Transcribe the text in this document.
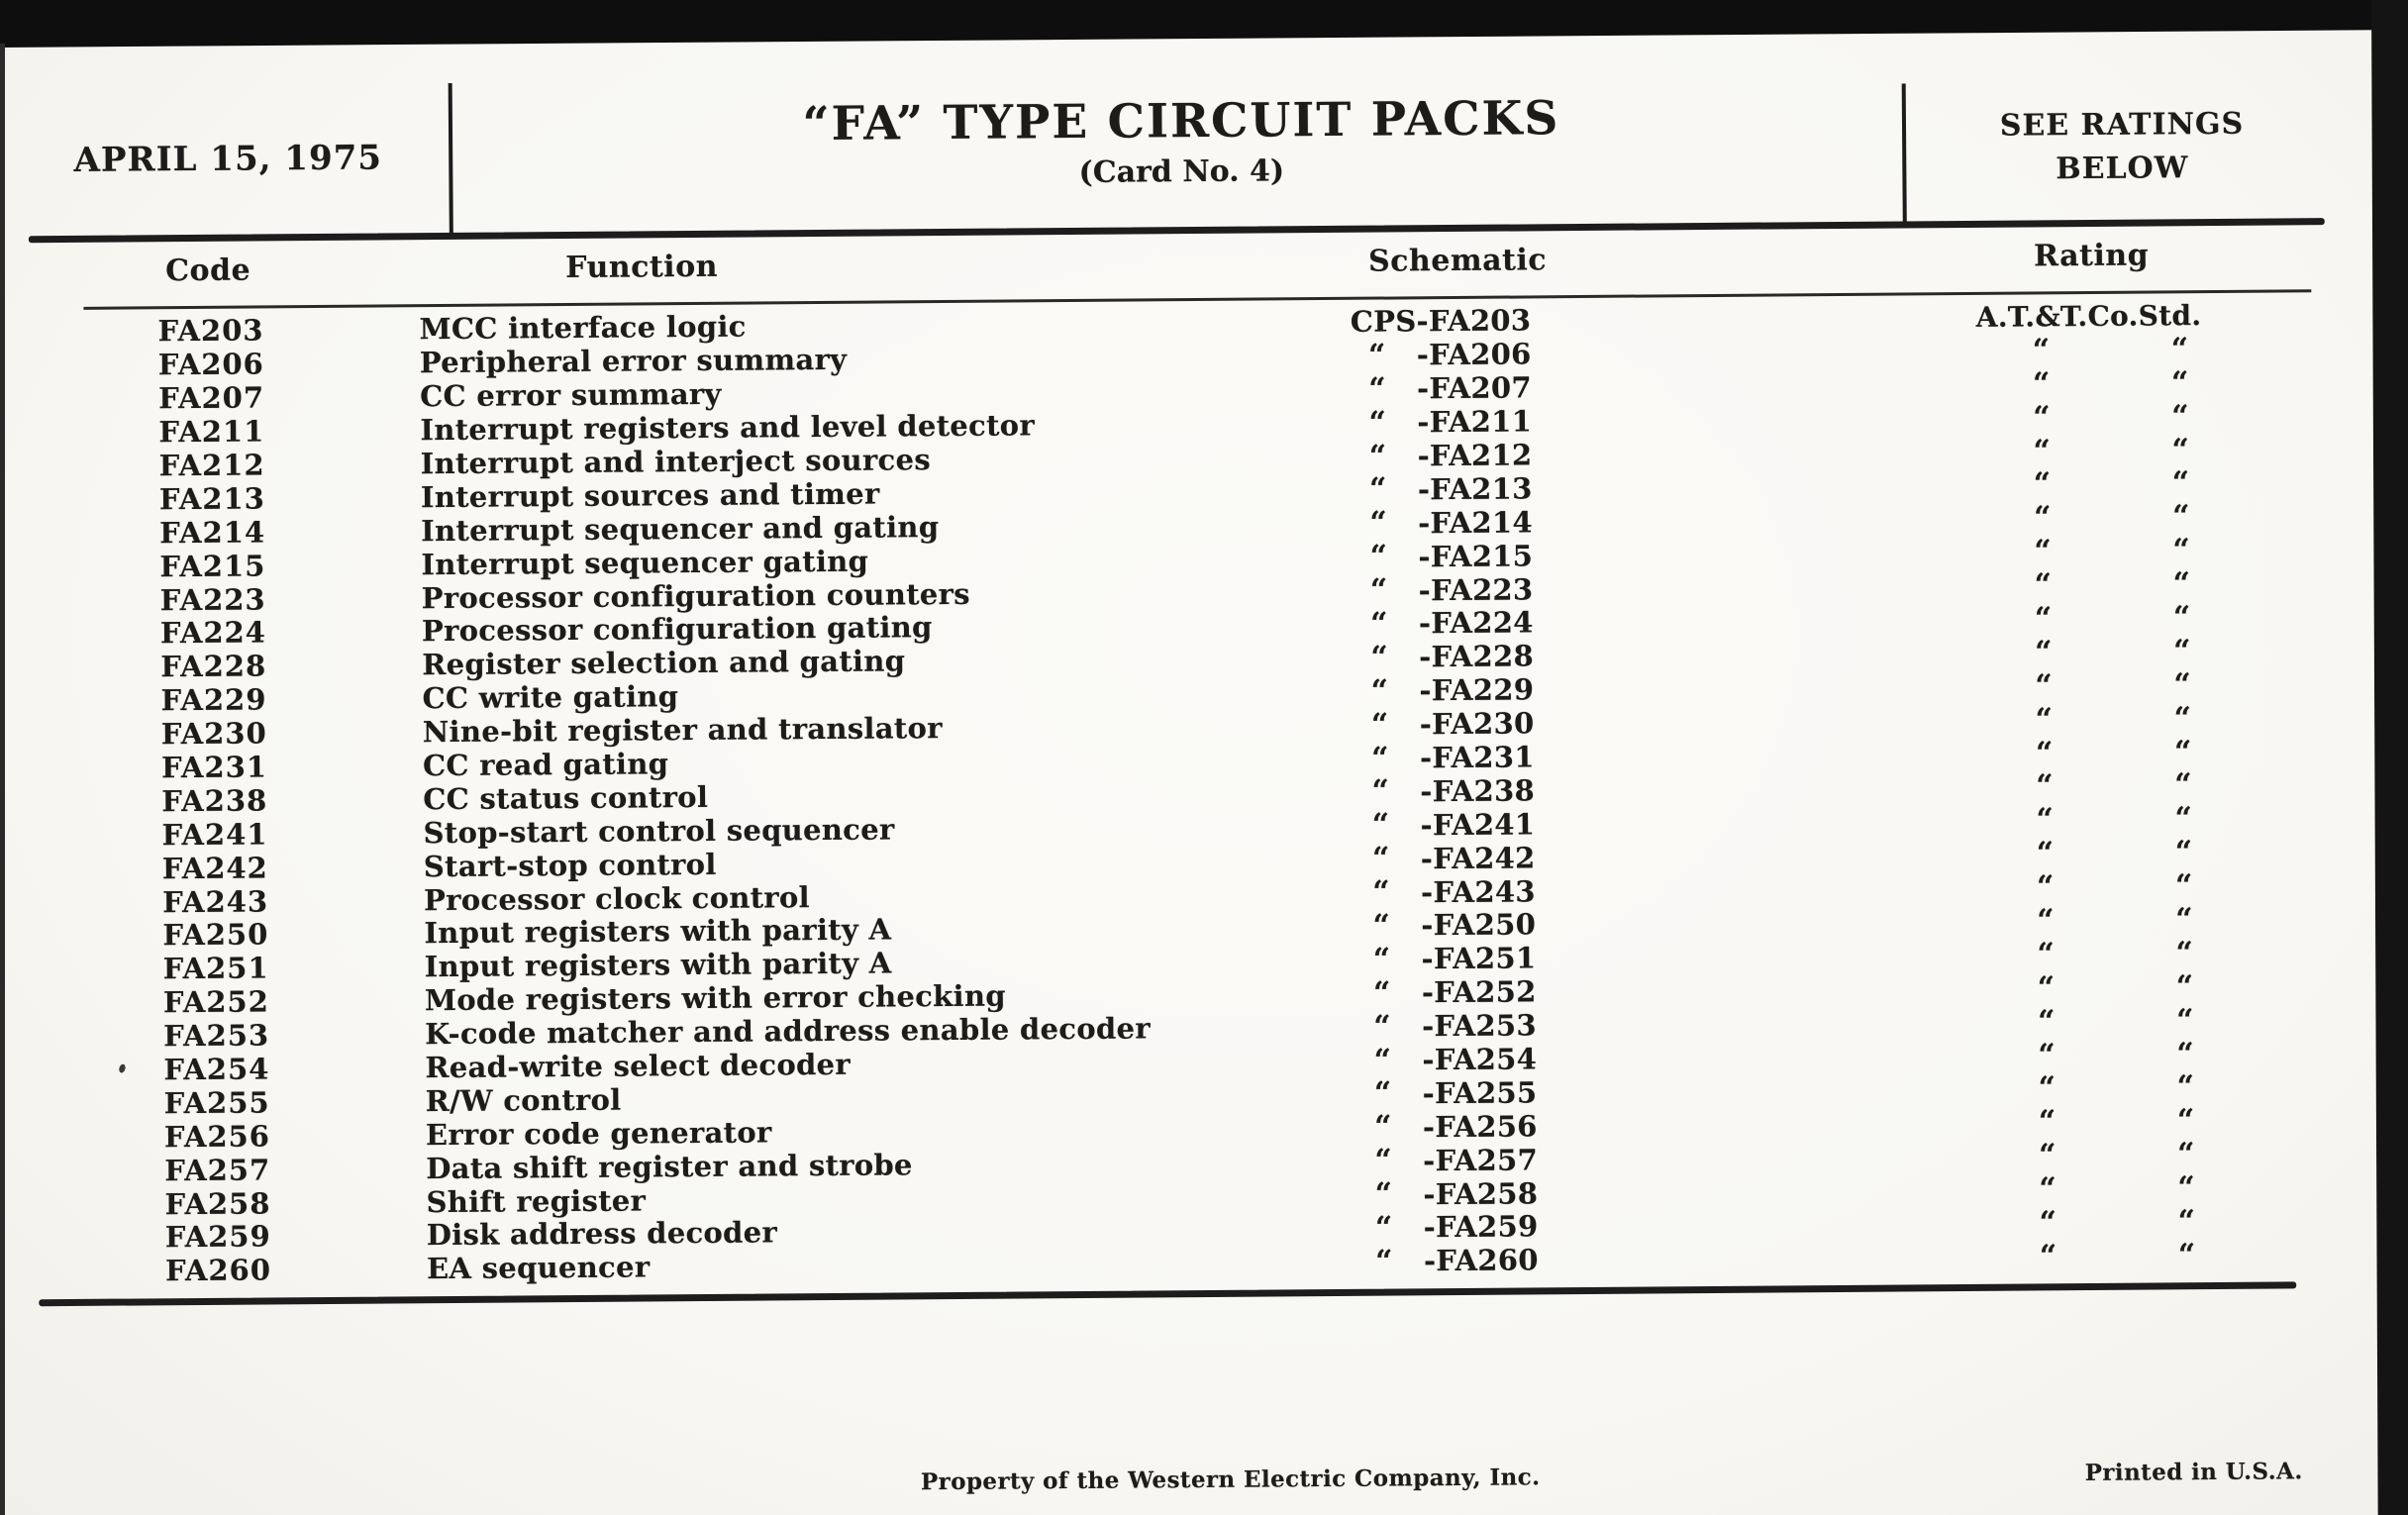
APRIL 15, 1975
“FA” TYPE CIRCUIT PACKS
(Card No. 4)
SEE RATINGS
BELOW
Code	Function	Schematic	Rating
FA203	MCC interface logic	CPS -FA203	A.T.&T.Co.Std.
FA206	Peripheral error summary	“	-FA206	“	“
FA207	CC error summary	“	-FA207	“	“
FA211	Interrupt registers and level detector	“	-FA211	“	“
FA212	Interrupt and interject sources	“	-FA212	“	“
FA213	Interrupt sources and timer	“	-FA213	“	“
FA214	Interrupt sequencer and gating	“	-FA214	“	“
FA215	Interrupt sequencer gating	“	-FA215	“	“
FA223	Processor configuration counters	“	-FA223	“	“
FA224	Processor configuration gating	“	-FA224	“	“
FA228	Register selection and gating	“	-FA228	“	“
FA229	CC write gating	“	-FA229	“	“
FA230	Nine-bit register and translator	“	-FA230	“	“
FA231	CC read gating	“	-FA231	“	“
FA238	CC status control	“	-FA238	“	“
FA241	Stop-start control sequencer	“	-FA241	“	“
FA242	Start-stop control	“	-FA242	“	“
FA243	Processor clock control	“	-FA243	“	“
FA250	Input registers with parity A	“	-FA250	“	“
FA251	Input registers with parity A	“	-FA251	“	“
FA252	Mode registers with error checking	“	-FA252	“	“
FA253	K-code matcher and address enable decoder	“	-FA253	“	“
FA254	Read-write select decoder	“	-FA254	“	“
FA255	R/W control	“	-FA255	“	“
FA256	Error code generator	“	-FA256	“	“
FA257	Data shift register and strobe	“	-FA257	“	“
FA258	Shift register	“	-FA258	“	“
FA259	Disk address decoder	“	-FA259	“	“
FA260	EA sequencer	“	-FA260	“	“
Property of the Western Electric Company, Inc.	Printed in U.S.A.
